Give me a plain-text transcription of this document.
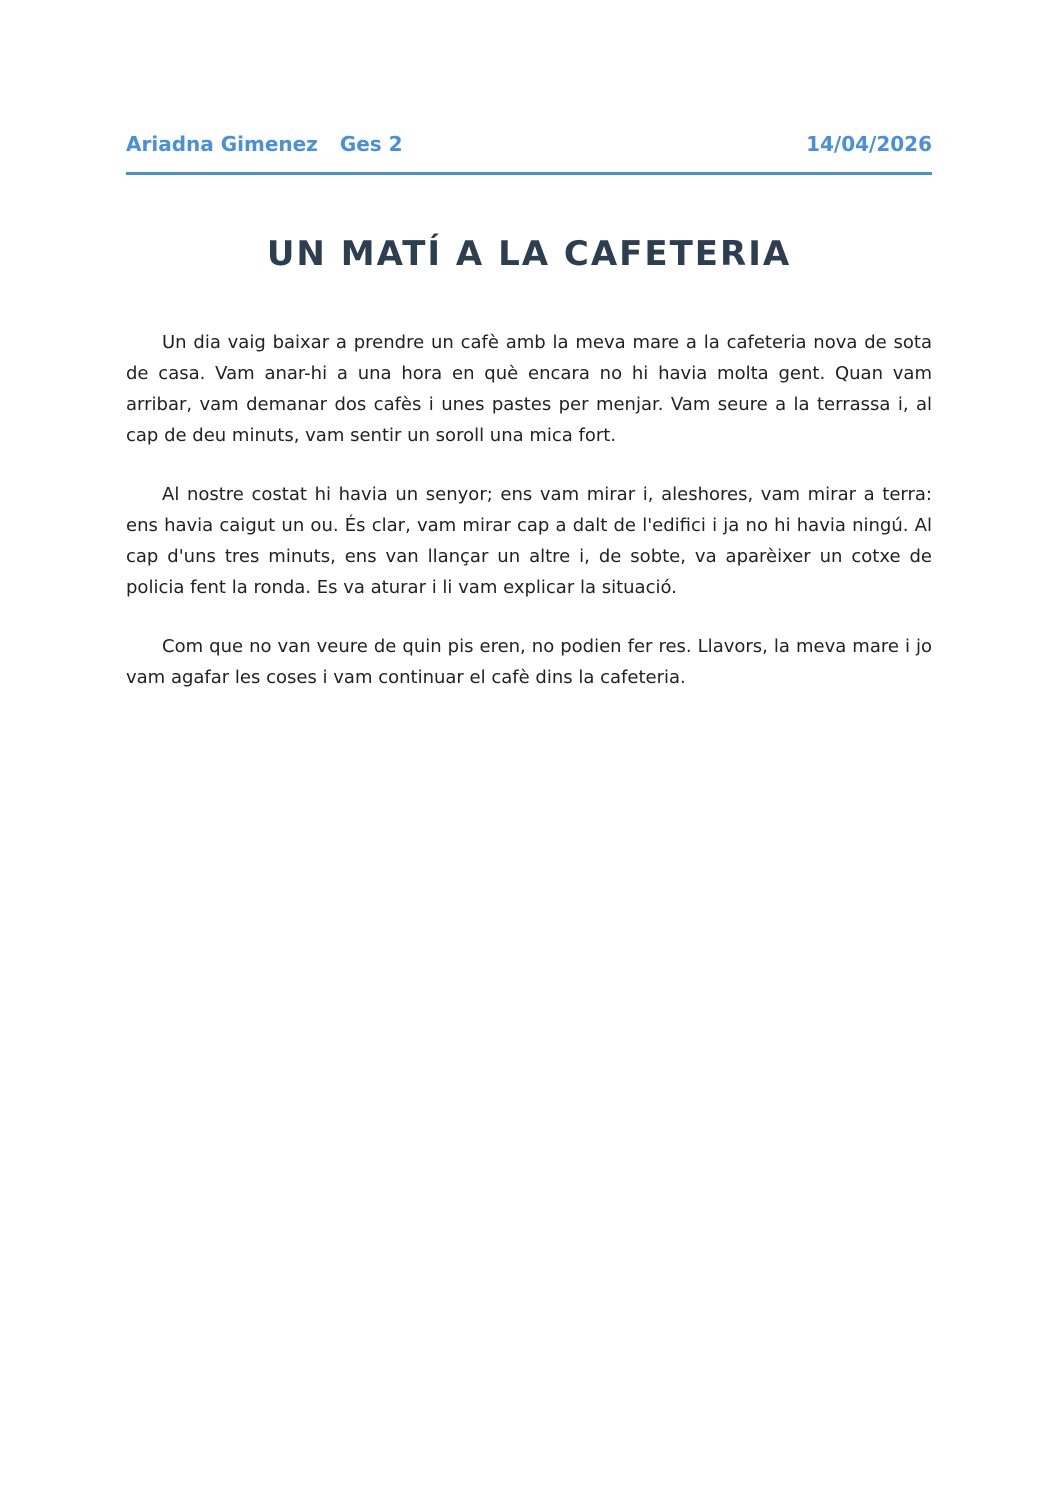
Ariadna Gimenez Ges 2	14/04/2026
UN MATÍ A LA CAFETERIA

Un dia vaig baixar a prendre un cafè amb la meva mare a la cafeteria nova de sota de casa. Vam anar-hi a una hora en què encara no hi havia molta gent. Quan vam arribar, vam demanar dos cafès i unes pastes per menjar. Vam seure a la terrassa i, al cap de deu minuts, vam sentir un soroll una mica fort.

Al nostre costat hi havia un senyor; ens vam mirar i, aleshores, vam mirar a terra: ens havia caigut un ou. És clar, vam mirar cap a dalt de l'edifici i ja no hi havia ningú. Al cap d'uns tres minuts, ens van llançar un altre i, de sobte, va aparèixer un cotxe de policia fent la ronda. Es va aturar i li vam explicar la situació.

Com que no van veure de quin pis eren, no podien fer res. Llavors, la meva mare i jo vam agafar les coses i vam continuar el cafè dins la cafeteria.
